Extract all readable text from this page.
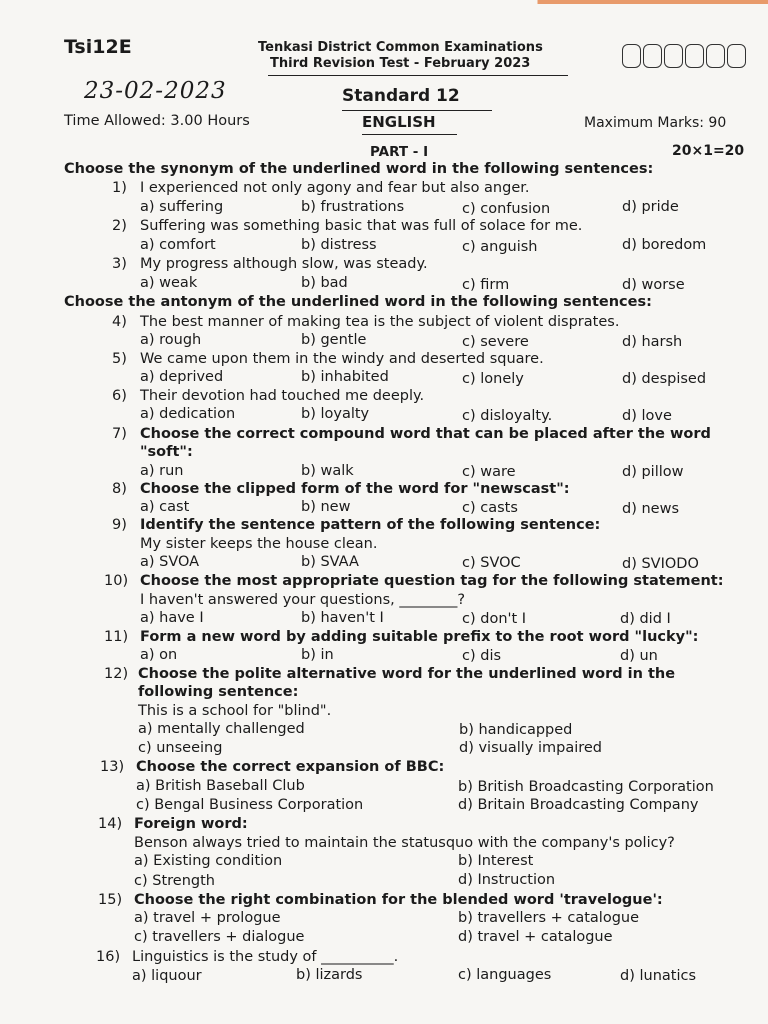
Tsi12E	Tenkasi District Common Examinations
Third Revision Test - February 2023
23-02-2023	Standard 12
Time Allowed: 3.00 Hours	ENGLISH	Maximum Marks: 90
PART - I	20×1=20
Choose the synonym of the underlined word in the following sentences:
1) I experienced not only agony and fear but also anger.
a) suffering	b) frustrations	c) confusion	d) pride
2) Suffering was something basic that was full of solace for me.
a) comfort	b) distress	c) anguish	d) boredom
3) My progress although slow, was steady.
a) weak	b) bad	c) firm	d) worse
Choose the antonym of the underlined word in the following sentences:
4) The best manner of making tea is the subject of violent disprates.
a) rough	b) gentle	c) severe	d) harsh
5) We came upon them in the windy and deserted square.
a) deprived	b) inhabited	c) lonely	d) despised
6) Their devotion had touched me deeply.
a) dedication	b) loyalty	c) disloyalty.	d) love
7) Choose the correct compound word that can be placed after the word
"soft":
a) run	b) walk	c) ware	d) pillow
8) Choose the clipped form of the word for "newscast":
a) cast	b) new	c) casts	d) news
9) Identify the sentence pattern of the following sentence:
My sister keeps the house clean.
a) SVOA	b) SVAA	c) SVOC	d) SVIODO
10) Choose the most appropriate question tag for the following statement:
I haven't answered your questions, ________?
a) have I	b) haven't I	c) don't I	d) did I
11) Form a new word by adding suitable prefix to the root word "lucky":
a) on	b) in	c) dis	d) un
12) Choose the polite alternative word for the underlined word in the
following sentence:
This is a school for "blind".
a) mentally challenged	b) handicapped
c) unseeing	d) visually impaired
13) Choose the correct expansion of BBC:
a) British Baseball Club	b) British Broadcasting Corporation
c) Bengal Business Corporation	d) Britain Broadcasting Company
14) Foreign word:
Benson always tried to maintain the statusquo with the company's policy?
a) Existing condition	b) Interest
c) Strength	d) Instruction
15) Choose the right combination for the blended word 'travelogue':
a) travel + prologue	b) travellers + catalogue
c) travellers + dialogue	d) travel + catalogue
16) Linguistics is the study of __________.
a) liquour	b) lizards	c) languages	d) lunatics
